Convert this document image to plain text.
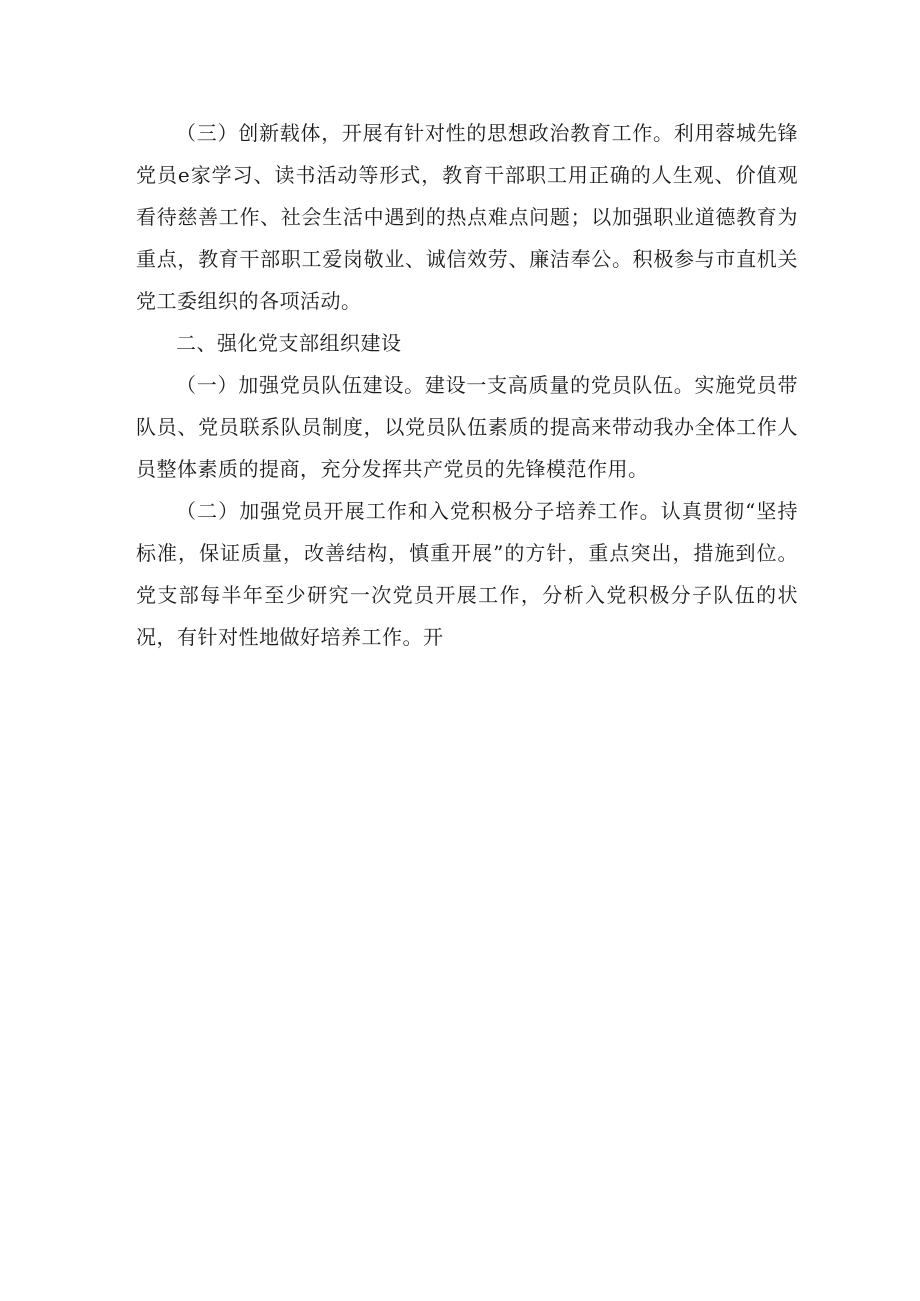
（三）创新载体，开展有针对性的思想政治教育工作。利用蓉城先锋党员e家学习、读书活动等形式，教育干部职工用正确的人生观、价值观看待慈善工作、社会生活中遇到的热点难点问题；以加强职业道德教育为重点，教育干部职工爱岗敬业、诚信效劳、廉洁奉公。积极参与市直机关党工委组织的各项活动。

二、强化党支部组织建设

（一）加强党员队伍建设。建设一支高质量的党员队伍。实施党员带队员、党员联系队员制度，以党员队伍素质的提高来带动我办全体工作人员整体素质的提商，充分发挥共产党员的先锋模范作用。

（二）加强党员开展工作和入党积极分子培养工作。认真贯彻“坚持标准，保证质量，改善结构，慎重开展”的方针，重点突出，措施到位。党支部每半年至少研究一次党员开展工作，分析入党积极分子队伍的状况，有针对性地做好培养工作。开
